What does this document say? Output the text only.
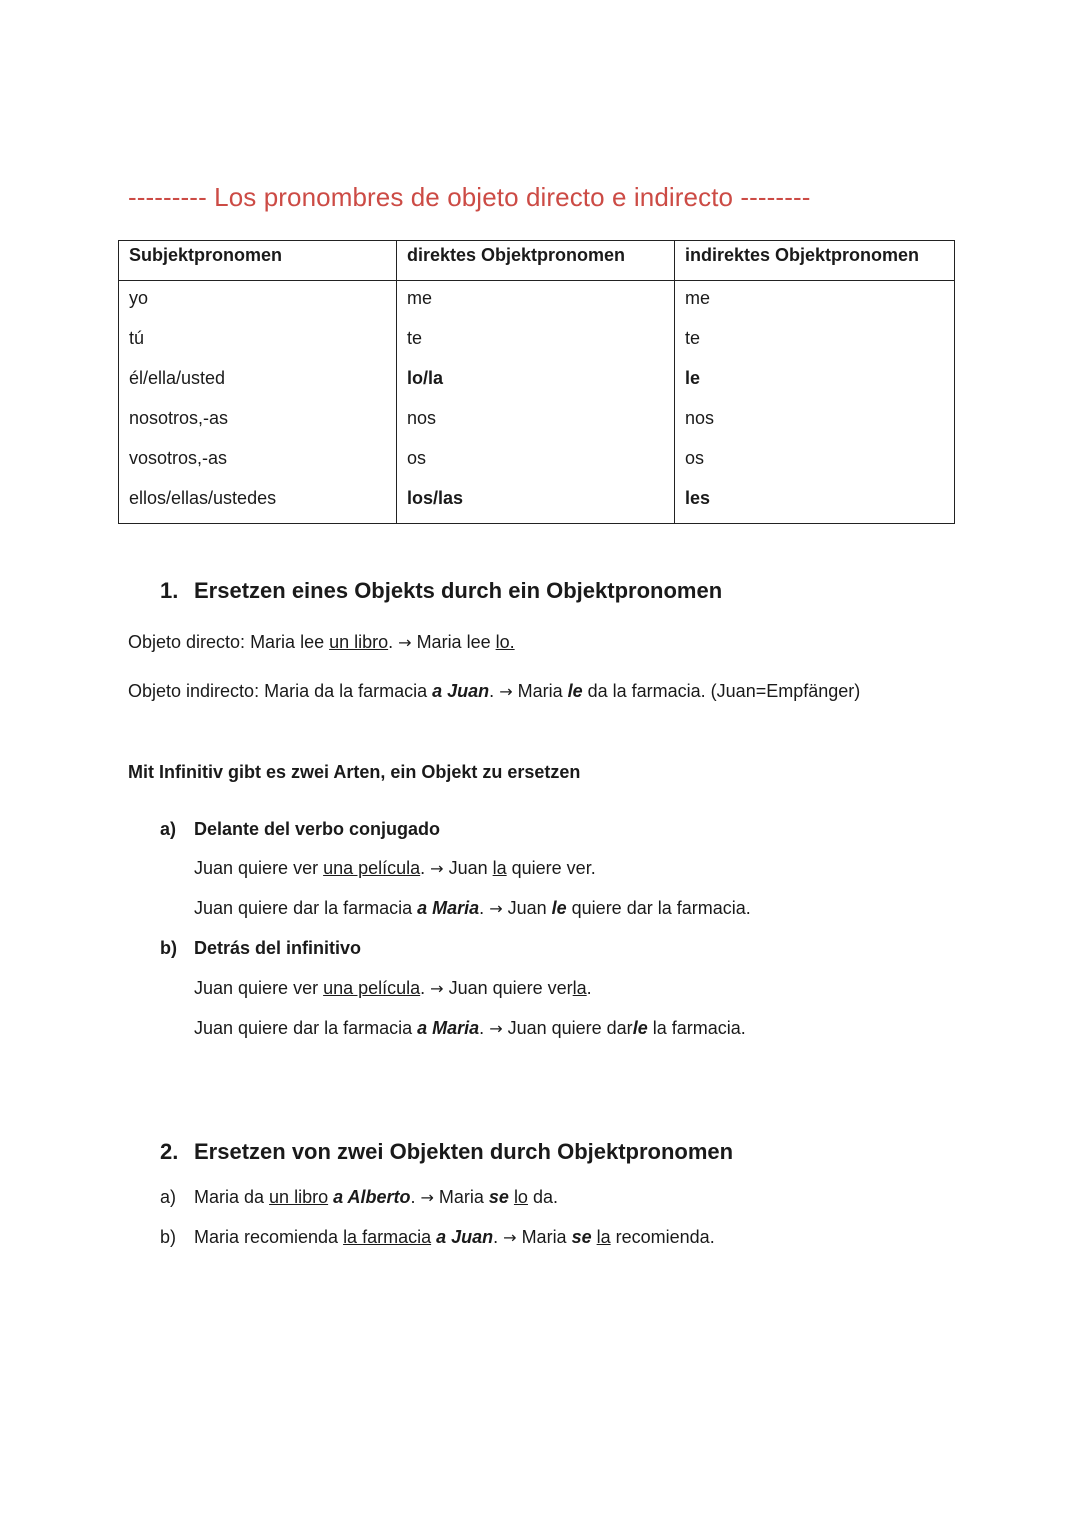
--------- Los pronombres de objeto directo e indirecto --------
Subjektpronomen	direktes Objektpronomen	indirektes Objektpronomen
yo	me	me
tú	te	te
él/ella/usted	lo/la	le
nosotros,-as	nos	nos
vosotros,-as	os	os
ellos/ellas/ustedes	los/las	les
1. Ersetzen eines Objekts durch ein Objektpronomen
Objeto directo: Maria lee un libro. → Maria lee lo.
Objeto indirecto: Maria da la farmacia a Juan. → Maria le da la farmacia. (Juan=Empfänger)
Mit Infinitiv gibt es zwei Arten, ein Objekt zu ersetzen
a) Delante del verbo conjugado
Juan quiere ver una película. → Juan la quiere ver.
Juan quiere dar la farmacia a Maria. → Juan le quiere dar la farmacia.
b) Detrás del infinitivo
Juan quiere ver una película. → Juan quiere verla.
Juan quiere dar la farmacia a Maria. → Juan quiere darle la farmacia.
2. Ersetzen von zwei Objekten durch Objektpronomen
a) Maria da un libro a Alberto. → Maria se lo da.
b) Maria recomienda la farmacia a Juan. → Maria se la recomienda.
